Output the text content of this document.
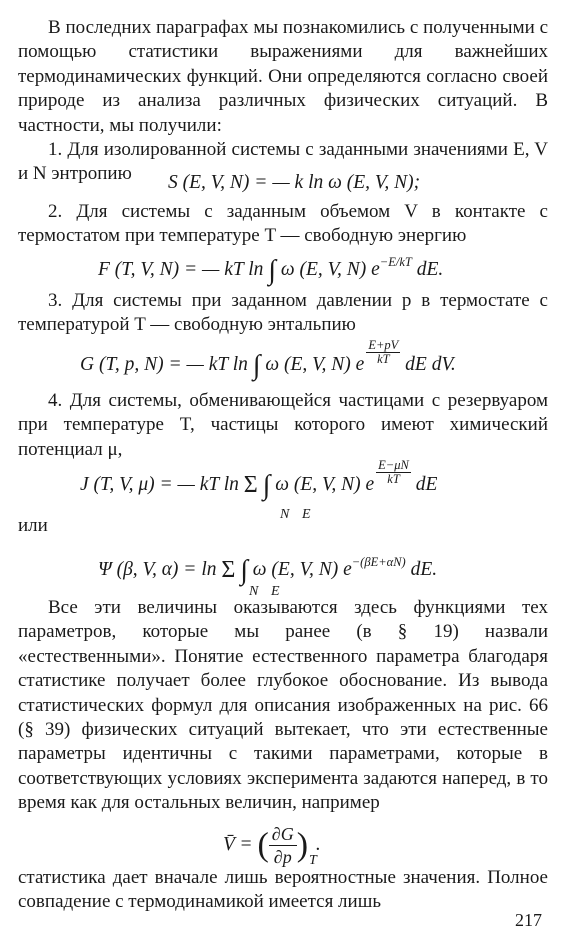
В последних параграфах мы познакомились с полученными с помощью статистики выражениями для важнейших термодинамических функций. Они определяются согласно своей природе из анализа различных физических ситуаций. В частности, мы получили:

1. Для изолированной системы с заданными значениями E, V и N энтропию	S (E, V, N) = — k ln ω (E, V, N);

2. Для системы с заданным объемом V в контакте с термостатом при температуре T — свободную энергию

F (T, V, N) = — kT ln ∫ ω (E, V, N) $e^{-E/kT}$ dE.

3. Для системы при заданном давлении p в термостате с температурой T — свободную энтальпию

G (T, p, N) = — kT ln ∫ ω (E, V, N) e $\frac{E+pV}{kT}$ dE dV.

4. Для системы, обменивающейся частицами с резервуаром при температуре T, частицы которого имеют химический потенциал μ,

J (T, V, μ) = — kT ln Σ ∫ ω (E, V, N) e $\frac{E-\mu N}{kT}$ dE
N E

или

Ψ (β, V, α) = ln Σ ∫ ω (E, V, N) $e^{-(\beta E+\alpha N)}$ dE.
N E

Все эти величины оказываются здесь функциями тех параметров, которые мы ранее (в § 19) назвали «естественными». Понятие естественного параметра благодаря статистике получает более глубокое обоснование. Из вывода статистических формул для описания изображенных на рис. 66 (§ 39) физических ситуаций вытекает, что эти естественные параметры идентичны с такими параметрами, которые в соответствующих условиях эксперимента задаются наперед, в то время как для остальных величин, например

V̄ = ( $\frac{\partial G}{\partial p})_T$.

статистика дает вначале лишь вероятностные значения. Полное совпадение с термодинамикой имеется лишь

217
